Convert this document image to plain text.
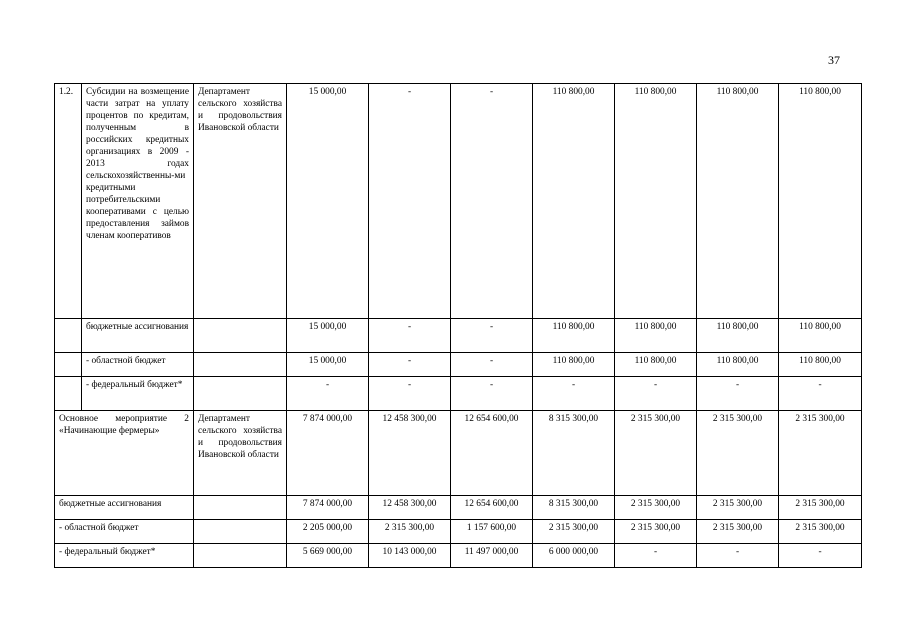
37
1.2.	Субсидии на возмещение части затрат на уплату процентов по кредитам, полученным в российских кредитных организациях в 2009 - 2013 годах сельскохозяйственны-ми кредитными потребительскими кооперативами с целью предоставления займов членам кооперативов	Департамент сельского хозяйства и продовольствия Ивановской области	15 000,00	-	-	110 800,00	110 800,00	110 800,00	110 800,00
	бюджетные ассигнования		15 000,00	-	-	110 800,00	110 800,00	110 800,00	110 800,00
	- областной бюджет		15 000,00	-	-	110 800,00	110 800,00	110 800,00	110 800,00
	- федеральный бюджет*		-	-	-	-	-	-	-
Основное мероприятие 2 «Начинающие фермеры»		Департамент сельского хозяйства и продовольствия Ивановской области	7 874 000,00	12 458 300,00	12 654 600,00	8 315 300,00	2 315 300,00	2 315 300,00	2 315 300,00
бюджетные ассигнования			7 874 000,00	12 458 300,00	12 654 600,00	8 315 300,00	2 315 300,00	2 315 300,00	2 315 300,00
- областной бюджет			2 205 000,00	2 315 300,00	1 157 600,00	2 315 300,00	2 315 300,00	2 315 300,00	2 315 300,00
- федеральный бюджет*			5 669 000,00	10 143 000,00	11 497 000,00	6 000 000,00	-	-	-
